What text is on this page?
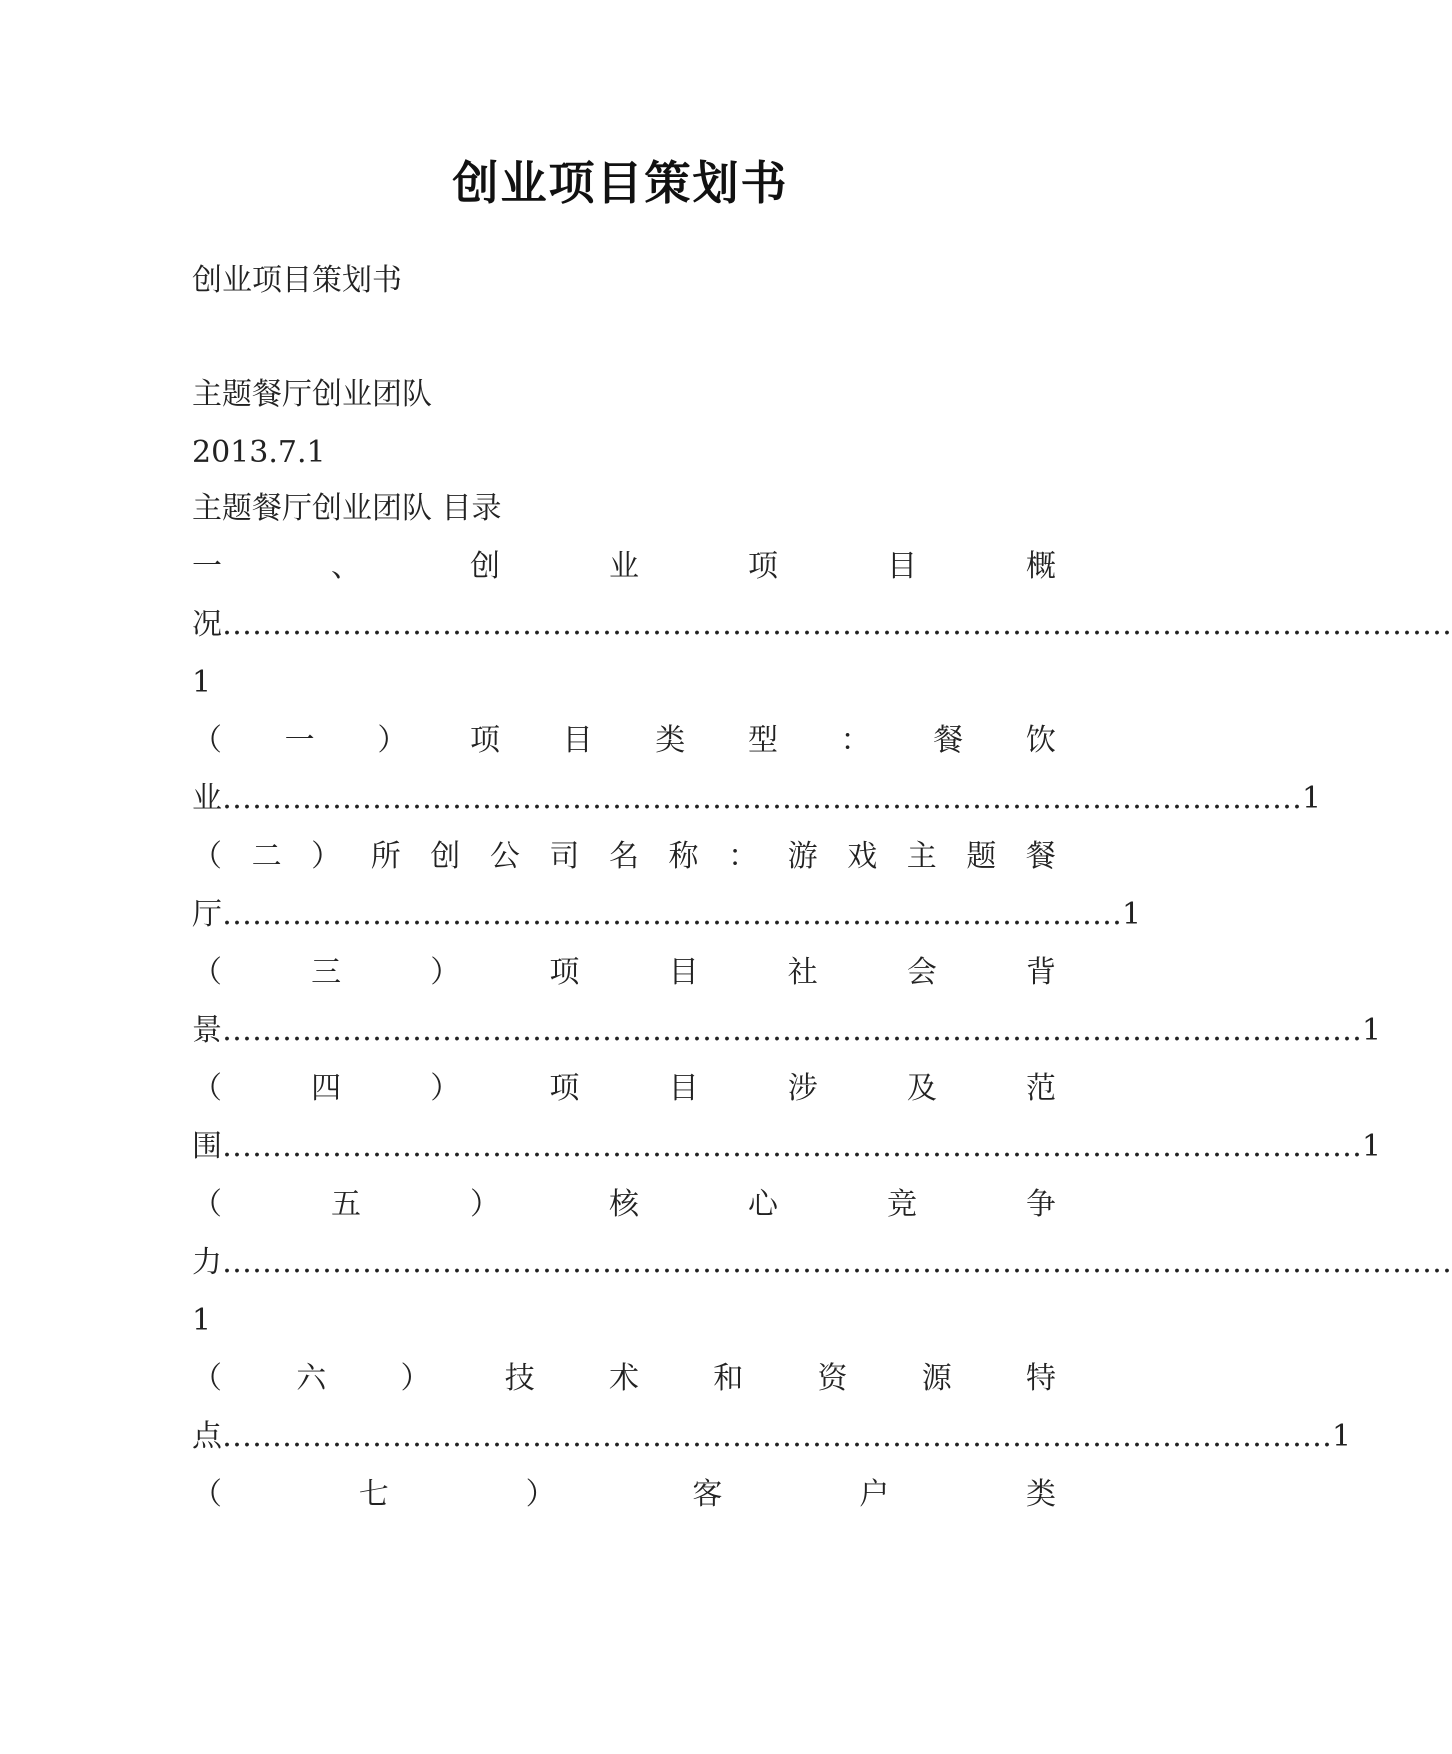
创业项目策划书
创业项目策划书
主题餐厅创业团队
2013.7.1
主题餐厅创业团队 目录
一	、	创	业	项	目	概
况……………………………………………………………………………………………………………
1
（ 一 ） 项 目 类 型 ： 餐 饮
业………………………………………………………………………………………………1
（ 二 ） 所 创 公 司 名 称 ： 游 戏 主 题 餐
厅………………………………………………………………………………1
（	三	）	项	目	社	会	背
景……………………………………………………………………………………………………1
（	四	）	项	目	涉	及	范
围……………………………………………………………………………………………………1
（	五	）	核	心	竞	争
力……………………………………………………………………………………………………………
1
（ 六 ） 技 术 和 资 源 特
点…………………………………………………………………………………………………1
（	七	）	客	户	类
